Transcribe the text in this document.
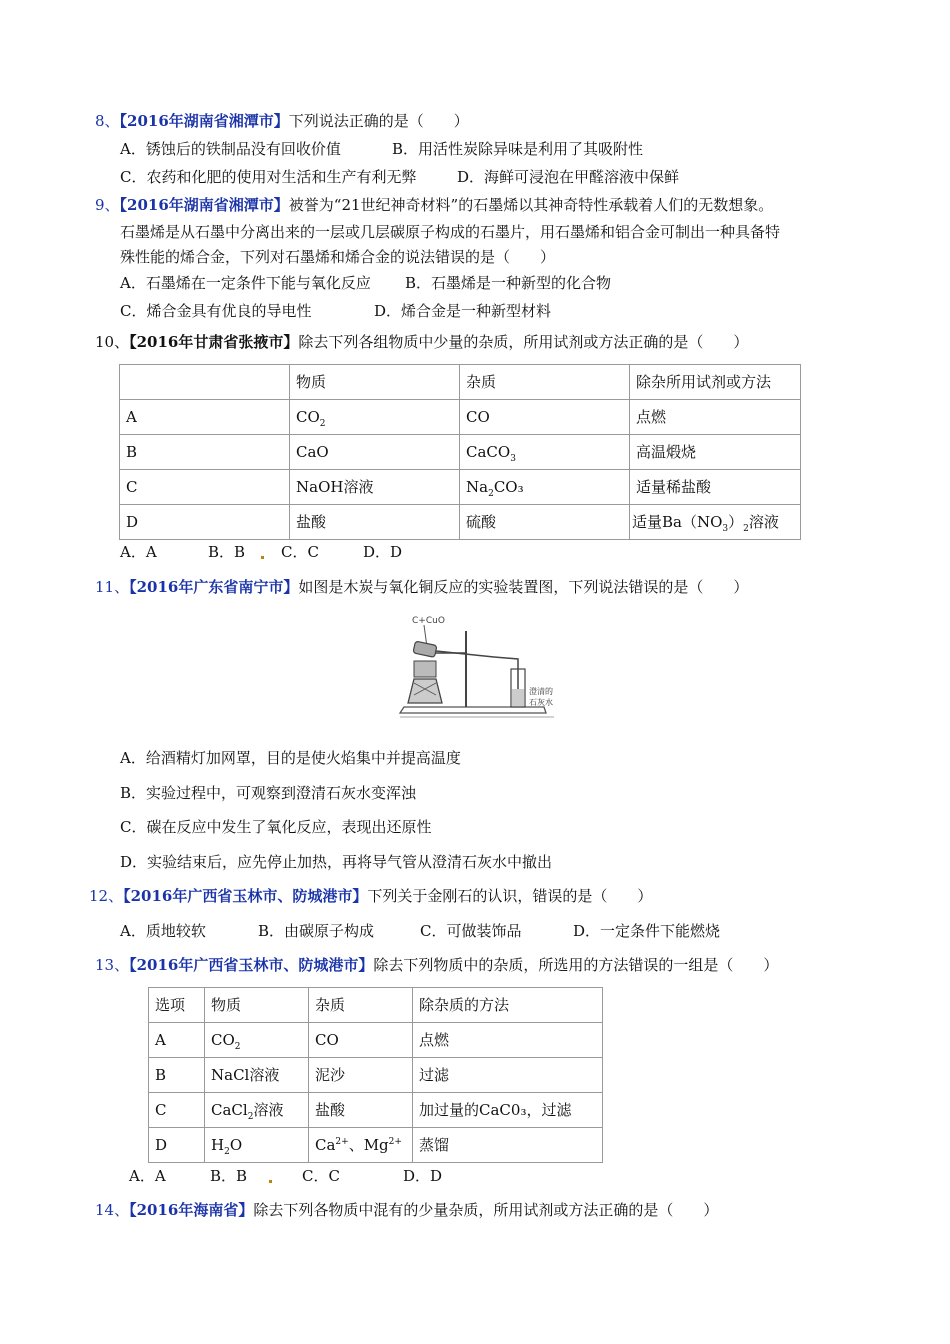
8、【2016年湖南省湘潭市】下列说法正确的是（　　）
A．锈蚀后的铁制品没有回收价值	B．用活性炭除异味是利用了其吸附性
C．农药和化肥的使用对生活和生产有利无弊	D．海鲜可浸泡在甲醛溶液中保鲜
9、【2016年湖南省湘潭市】被誉为“21世纪神奇材料”的石墨烯以其神奇特性承载着人们的无数想象。
石墨烯是从石墨中分离出来的一层或几层碳原子构成的石墨片，用石墨烯和铝合金可制出一种具备特
殊性能的烯合金，下列对石墨烯和烯合金的说法错误的是（　　）
A．石墨烯在一定条件下能与氧化反应 B．石墨烯是一种新型的化合物
C．烯合金具有优良的导电性	D．烯合金是一种新型材料
10、【2016年甘肃省张掖市】除去下列各组物质中少量的杂质，所用试剂或方法正确的是（　　）
	物质	杂质	除杂所用试剂或方法
A	$CO_2$	CO	点燃
B	CaO	CaCO$_3$	高温煅烧
C	NaOH溶液	$Na_2CO_3$	适量稀盐酸
D	盐酸	硫酸	适量$Ba(NO_3)_2$溶液
A．A	B．B C．C	D．D
11、【2016年广东省南宁市】如图是木炭与氧化铜反应的实验装置图，下列说法错误的是（　　）
C+CuO
澄清的
石灰水
A．给酒精灯加网罩，目的是使火焰集中并提高温度
B．实验过程中，可观察到澄清石灰水变浑浊
C．碳在反应中发生了氧化反应，表现出还原性
D．实验结束后，应先停止加热，再将导气管从澄清石灰水中撤出
12、【2016年广西省玉林市、防城港市】下列关于金刚石的认识，错误的是（　　）
A．质地较软	B．由碳原子构成	C．可做装饰品	D．一定条件下能燃烧
13、【2016年广西省玉林市、防城港市】除去下列物质中的杂质，所选用的方法错误的一组是（　　）
选项	物质	杂质	除杂质的方法
A	$CO_2$	CO	点燃
B	NaCl溶液	泥沙	过滤
C	CaCl$_2$溶液	盐酸	加过量的CaC0₃，过滤
D	$H_2O$	$Ca^{2+}$、$Mg^{2+}$	蒸馏
A．A	B．B	C．C	D．D
14、【2016年海南省】除去下列各物质中混有的少量杂质，所用试剂或方法正确的是（　　）
